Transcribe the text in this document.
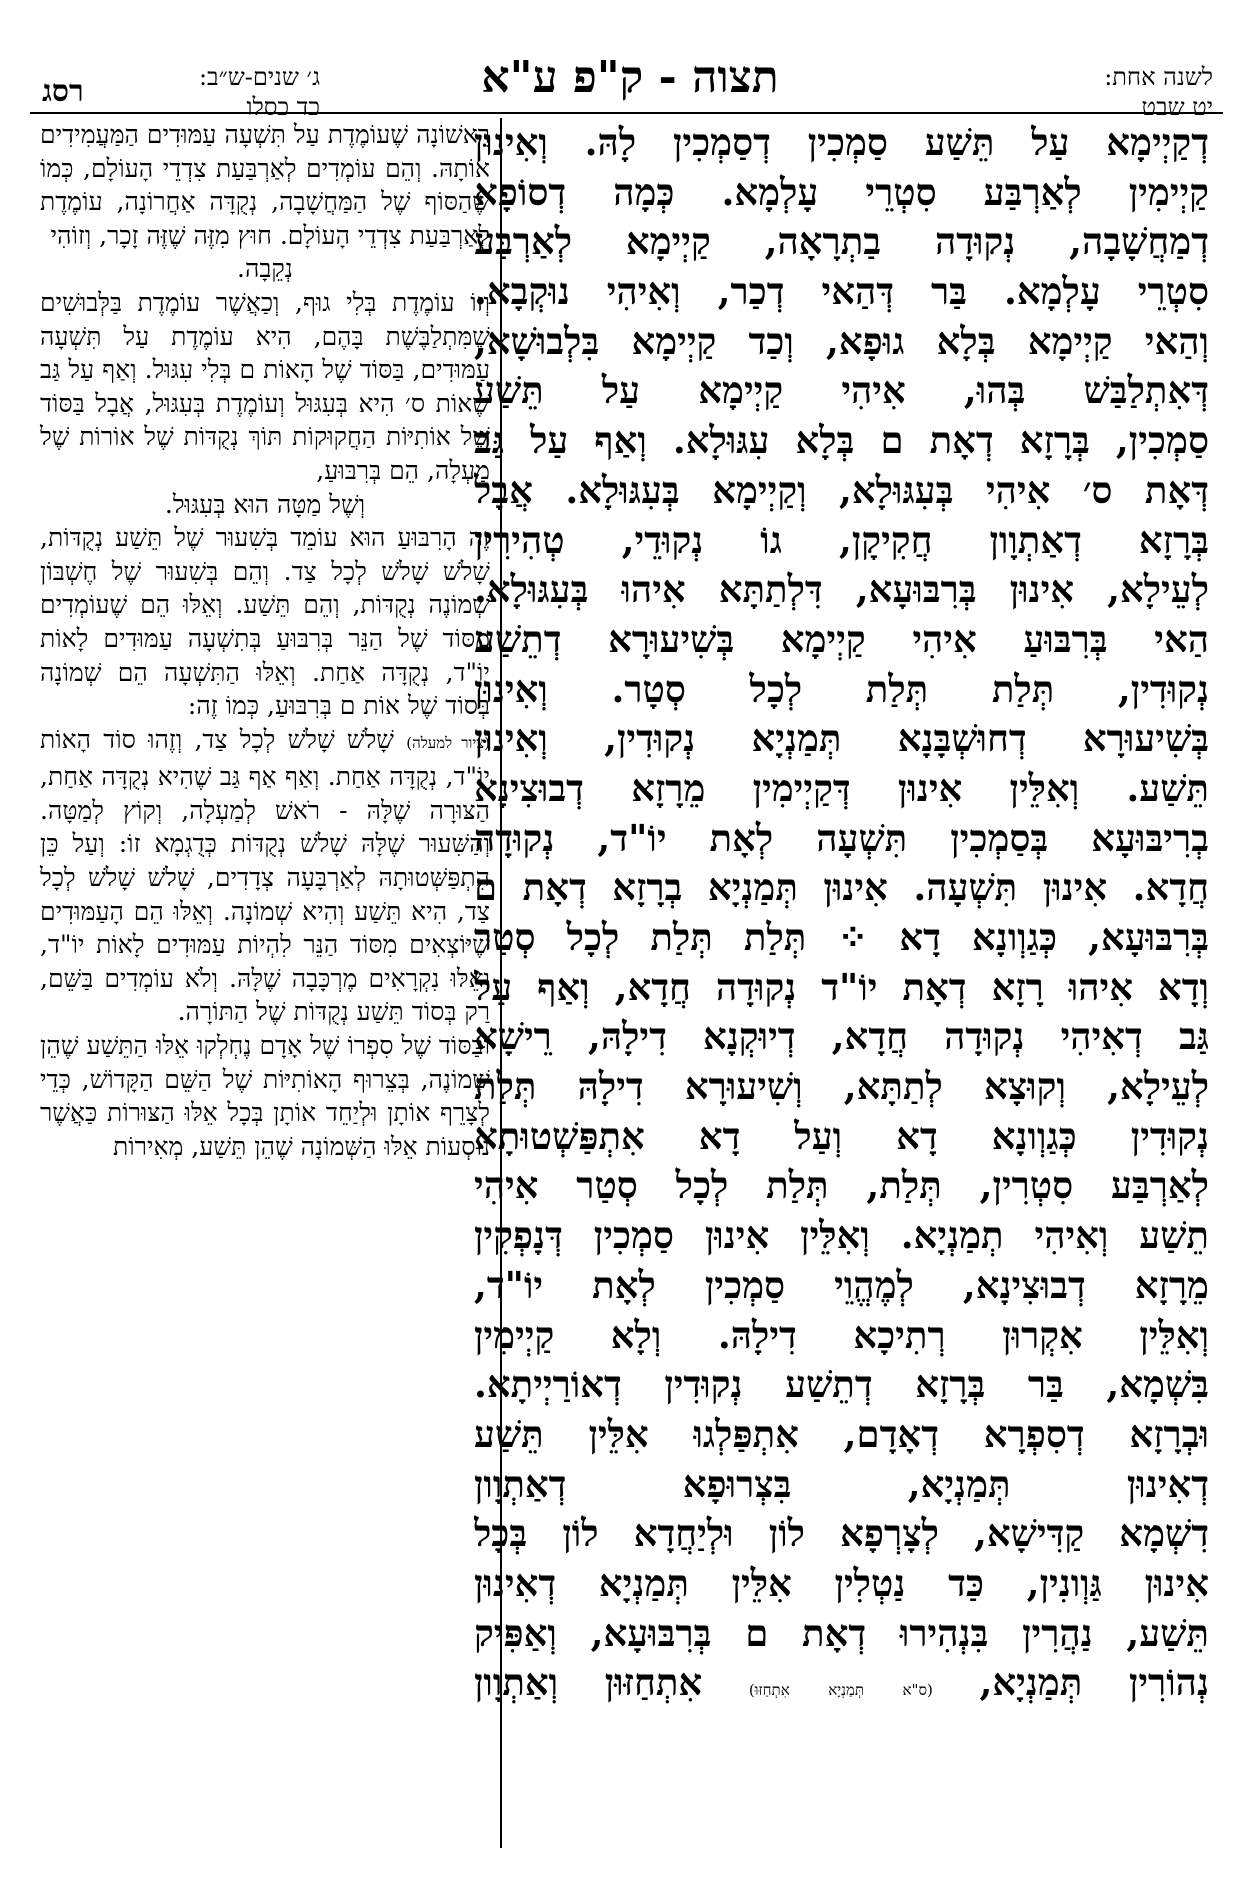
לשנה אחת:
יט שבט
תצוה - ק"פ ע"א
ג׳ שנים-ש״ב:
כד כסלו
רסג

דְקַיְימָא עַל תֵּשַׁע סַמְכִין דְסַמְכִין לָהּ. וְאִינוּן

קַיְימִין לְאַרְבַּע סִטְרֵי עָלְמָא. כְּמָה דְסוֹפָא

דְמַחֲשָׁבָה, נְקוּדָה בַתְרָאָה, קַיְימָא לְאַרְבַּע

סִטְרֵי עָלְמָא. בַּר דְּהַאי דְכַר, וְאִיהִי נוּקְבָא.

וְהַאי קַיְימָא בְּלָא גוּפָא, וְכַד קַיְימָא בִּלְבוּשָׁא,

דְּאִתְלַבַּשׁ בְּהוּ, אִיהִי קַיְימָא עַל תֵּשַׁע

סַמְכִין, בְּרָזָא דְאָת ם בְּלָא עִגּוּלָא. וְאַף עַל גַּב

דְּאָת ס׳ אִיהִי בְּעִגּוּלָא, וְקַיְימָא בְּעִגּוּלָא. אֲבָל

בְּרָזָא דְאַתְוָון חֲקִיקָן, גוֹ נְקוּדֵי, טְהִירִין

לְעֵילָא, אִינוּן בְּרִבּוּעָא, דִּלְתַתָּא אִיהוּ בְּעִגּוּלָא.

הַאי בְּרִבּוּעַ אִיהִי קַיְימָא בְּשִׁיעוּרָא דְתֵשַׁע

נְקוּדִין, תְּלַת תְּלַת לְכָל סְטָר. וְאִינוּן

בְּשִׁיעוּרָא דְחוּשְׁבָּנָא תְּמַנְיָא נְקוּדִין, וְאִינוּן

תֵּשַׁע. וְאִלֵּין אִינוּן דְּקַיְימִין מֵרָזָא דְבוּצִינָא

בְרִיבּוּעָא בְּסַמְכִין תִּשְׁעָה לְאָת יוֹ"ד, נְקוּדָה

חֲדָא. אִינוּן תִּשְׁעָה. אִינוּן תְּמַנְיָא בְרָזָא דְאָת ם

בְּרִבּוּעָא, כְּגַוְונָא דָא ⁘ תְּלַת תְּלַת לְכָל סְטַר

וְדָא אִיהוּ רָזָא דְאָת יוֹ"ד נְקוּדָה חֲדָא, וְאַף עַל

גַּב דְאִיהִי נְקוּדָה חֲדָא, דְיוּקְנָא דִילָהּ, רֵישָׁא

לְעֵילָא, וְקוּצָא לְתַתָּא, וְשִׁיעוּרָא דִילָהּ תְּלַת

נְקוּדִין כְּגַוְונָא דָא וְעַל דָא אִתְפַּשְׁטוּתָא

לְאַרְבַּע סִטְרִין, תְּלַת, תְּלַת לְכָל סְטַר אִיהִי

תֵשַׁע וְאִיהִי תְמַנְיָא. וְאִלֵּין אִינוּן סַמְכִין דְּנָפְקִין

מֵרָזָא דְבוּצִינָא, לְמֶהֱוֵי סַמְכִין לְאָת יוֹ"ד,

וְאִלֵּין אִקְרוּן רְתִיכָא דִילָהּ. וְלָא קַיְימִין

בִּשְׁמָא, בַּר בְּרָזָא דְתֵשַׁע נְקוּדִין דְאוֹרַיְיתָא.

וּבְרָזָא דְסִפְרָא דְאָדָם, אִתְפַּלְגוּ אִלֵּין תֵּשַׁע

דְאִינוּן תְּמַנְיָא, בִּצְרוּפָא דְאַתְוָון

דִשְׁמָא קַדִּישָׁא, לְצָרְפָא לוֹן וּלְיַחֲדָא לוֹן בְּכָל

אִינוּן גַּוְונִין, כַּד נַטְלִין אִלֵּין תְּמַנְיָא דְאִינוּן

תֵּשַׁע, נַהֲרִין בִּנְהִירוּ דְאָת ם בְּרִבּוּעָא, וְאַפִּיק

נְהוֹרִין תְּמַנְיָא, (ס"א תְּמַנְיָא אִתְחַזּוּ) אִתְחַזּוּן וְאַתְוָון

רִאשׁוֹנָה שֶׁעוֹמֶדֶת עַל תִּשְׁעָה עַמּוּדִים הַמַּעֲמִידִים אוֹתָהּ. וְהֵם עוֹמְדִים לְאַרְבַּעַת צִדְדֵי הָעוֹלָם, כְּמוֹ שֶׁהַסּוֹף שֶׁל הַמַּחֲשָׁבָה, נְקֻדָּה אַחֲרוֹנָה, עוֹמֶדֶת לְאַרְבַּעַת צִדְדֵי הָעוֹלָם. חוּץ מִזֶּה שֶׁזֶּה זָכָר, וְזוֹהִי

נְקֵבָה.

וְזוֹ עוֹמֶדֶת בְּלִי גוּף, וְכַאֲשֶׁר עוֹמֶדֶת בַּלְּבוּשִׁים שֶׁמִּתְלַבֶּשֶׁת בָּהֶם, הִיא עוֹמֶדֶת עַל תִּשְׁעָה עַמּוּדִים, בַּסּוֹד שֶׁל הָאוֹת ם בְּלִי עִגּוּל. וְאַף עַל גַּב שֶׁאוֹת ס׳ הִיא בְּעִגּוּל וְעוֹמֶדֶת בְּעִגּוּל, אֲבָל בַּסּוֹד שֶׁל אוֹתִיּוֹת הַחֲקוּקוֹת תּוֹךְ נְקֻדּוֹת שֶׁל אוֹרוֹת שֶׁל מַעְלָה, הֵם בְּרִבּוּעַ,

וְשֶׁל מַטָּה הוּא בְּעִגּוּל.

זֶה הָרִבּוּעַ הוּא עוֹמֵד בְּשִׁעוּר שֶׁל תֵּשַׁע נְקֻדּוֹת, שָׁלֹשׁ שָׁלֹשׁ לְכָל צַד. וְהֵם בְּשִׁעוּר שֶׁל חֶשְׁבּוֹן שְׁמוֹנֶה נְקֻדּוֹת, וְהֵם תֵּשַׁע. וְאֵלּוּ הֵם שֶׁעוֹמְדִים מִסּוֹד שֶׁל הַנֵּר בְּרִבּוּעַ בְּתִשְׁעָה עַמּוּדִים לָאוֹת יוֹ"ד, נְקֻדָּה אַחַת. וְאֵלּוּ הַתִּשְׁעָה הֵם שְׁמוֹנָה בְּסוֹד שֶׁל אוֹת ם בְּרִבּוּעַ, כְּמוֹ זֶה:

(ציור למעלה) שָׁלֹשׁ שָׁלֹשׁ לְכָל צַד, וְזֶהוּ סוֹד הָאוֹת יוֹ"ד, נְקֻדָּה אַחַת. וְאַף אַף גַּב שֶׁהִיא נְקֻדָּה אַחַת, הַצּוּרָה שֶׁלָּהּ - רֹאשׁ לְמַעְלָה, וְקוֹץ לְמַטָּה. וְהַשִּׁעוּר שֶׁלָּהּ שָׁלֹשׁ נְקֻדּוֹת כְּדֻגְמָא זוֹ: וְעַל כֵּן הִתְפַּשְּׁטוּתָהּ לְאַרְבָּעָה צְדָדִים, שָׁלֹשׁ שָׁלֹשׁ לְכָל צַד, הִיא תֵּשַׁע וְהִיא שְׁמוֹנָה. וְאֵלּוּ הֵם הָעַמּוּדִים שֶׁיּוֹצְאִים מִסּוֹד הַנֵּר לִהְיוֹת עַמּוּדִים לָאוֹת יוֹ"ד, וְאֵלּוּ נִקְרָאִים מֶרְכָּבָה שֶׁלָּהּ. וְלֹא עוֹמְדִים בַּשֵּׁם, רַק בְּסוֹד תֵּשַׁע נְקֻדּוֹת שֶׁל הַתּוֹרָה.

וּבַסּוֹד שֶׁל סִפְרוֹ שֶׁל אָדָם נֶחְלְקוּ אֵלּוּ הַתֵּשַׁע שֶׁהֵן שְׁמוֹנֶה, בְּצֵרוּף הָאוֹתִיּוֹת שֶׁל הַשֵּׁם הַקָּדוֹשׁ, כְּדֵי לְצָרֵף אוֹתָן וּלְיַחֵד אוֹתָן בְּכָל אֵלּוּ הַצּוּרוֹת כַּאֲשֶׁר נוֹסְעוֹת אֵלּוּ הַשְּׁמוֹנָה שֶׁהֵן תֵּשַׁע, מְאִירוֹת
